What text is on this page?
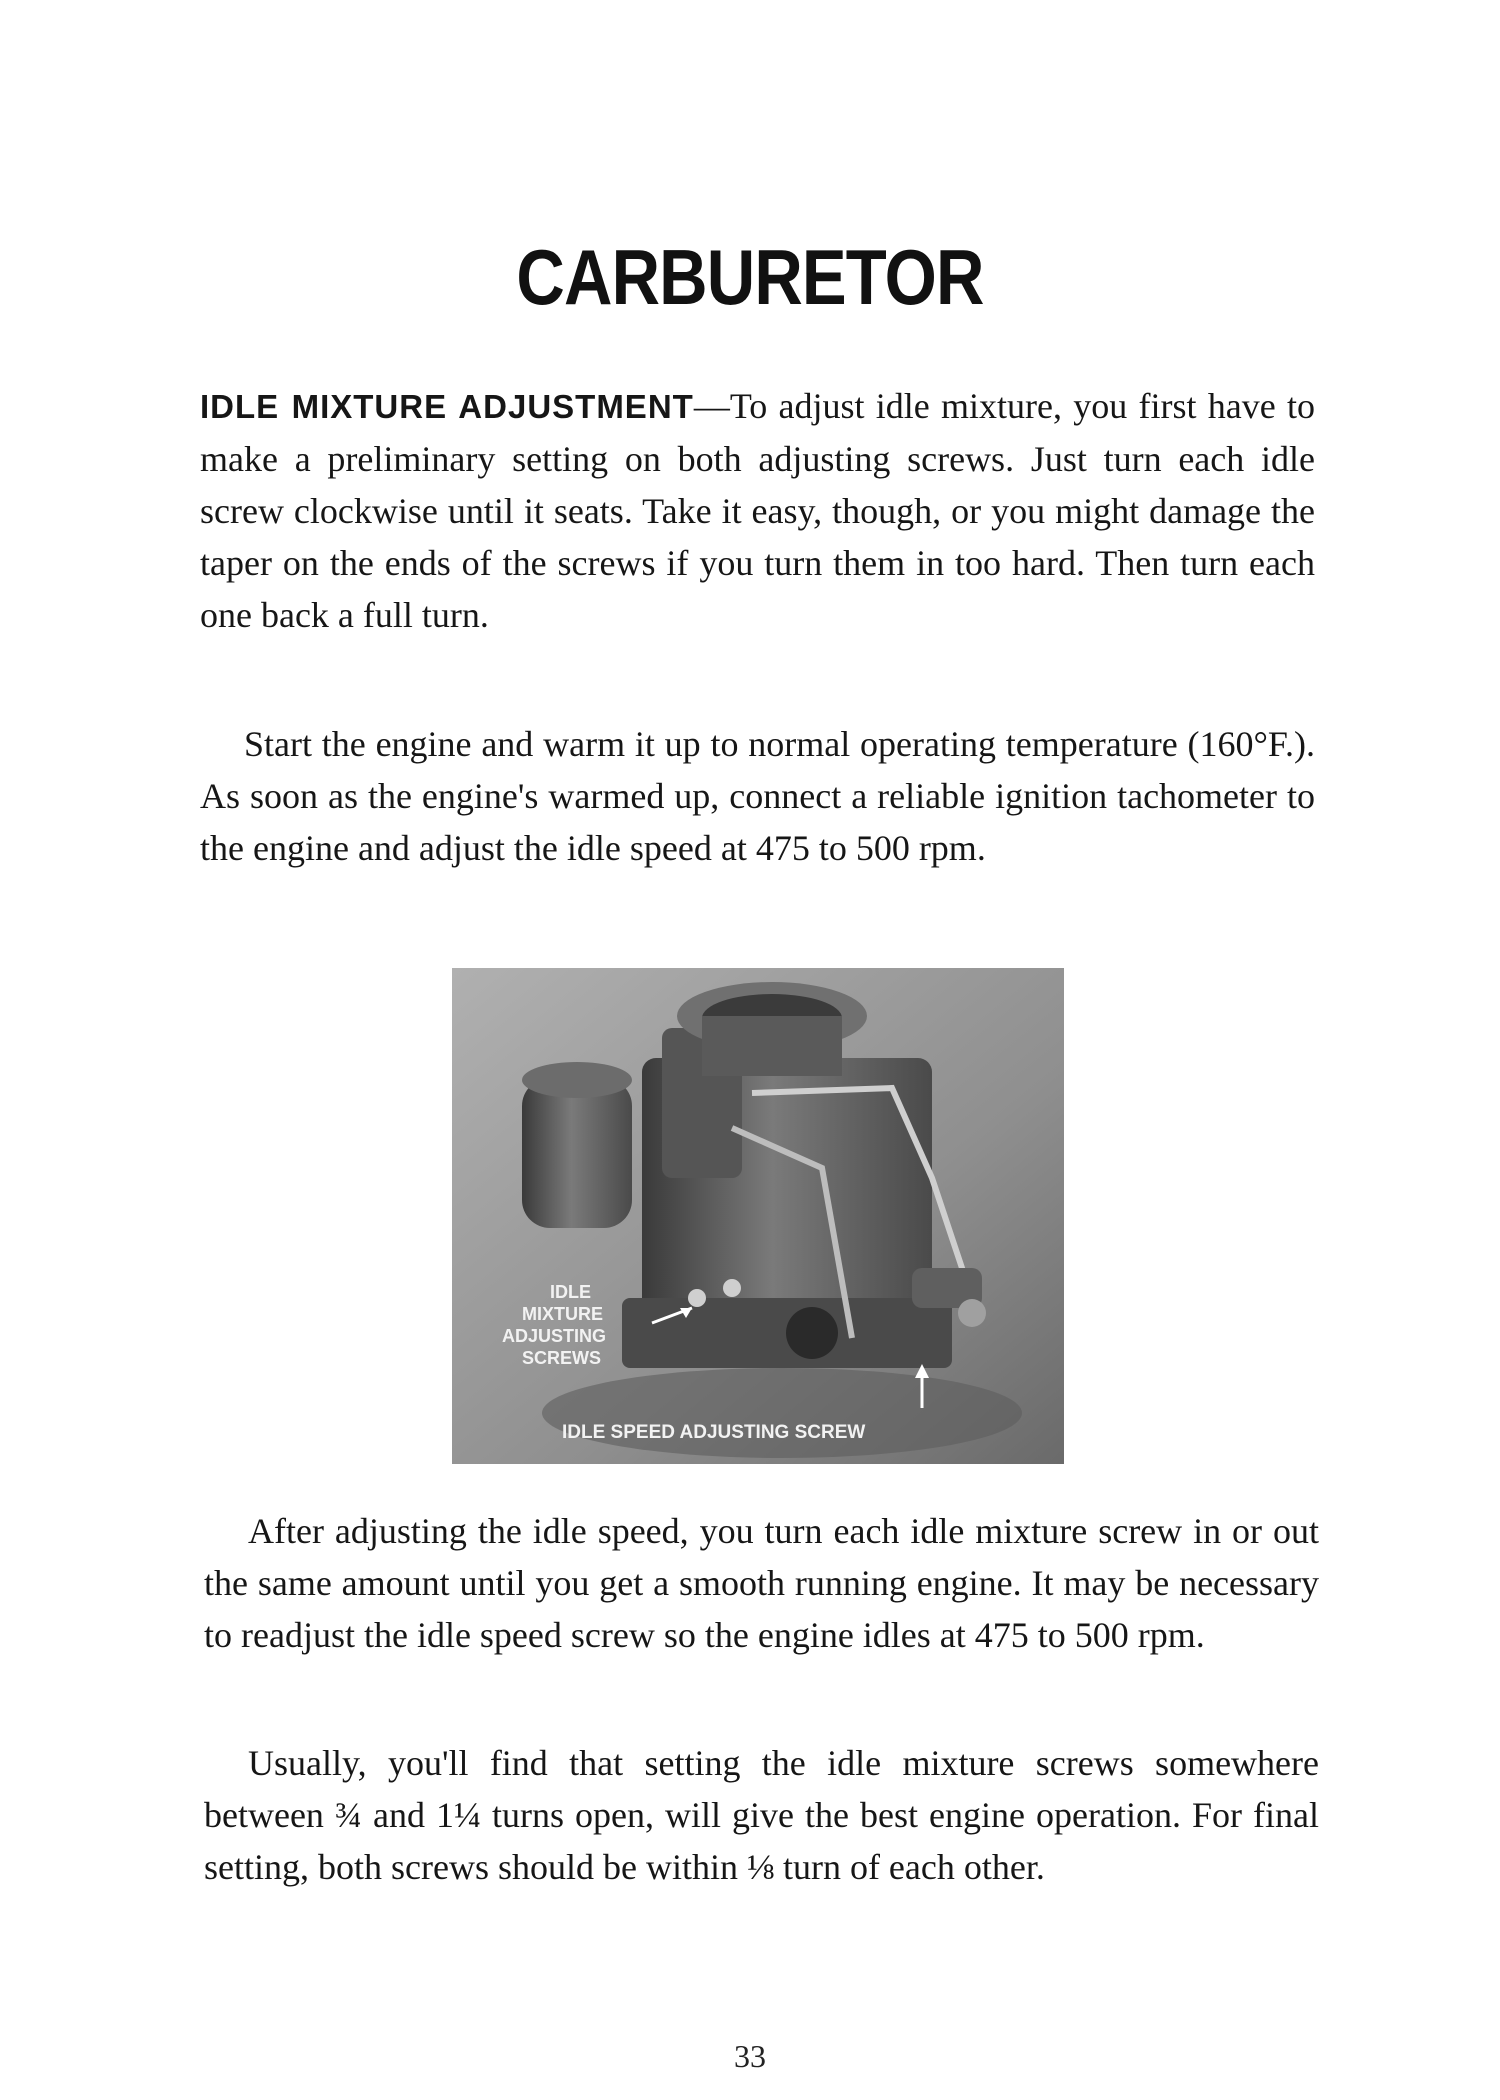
CARBURETOR

IDLE MIXTURE ADJUSTMENT—To adjust idle mixture, you first have to make a preliminary setting on both adjusting screws. Just turn each idle screw clockwise until it seats. Take it easy, though, or you might damage the taper on the ends of the screws if you turn them in too hard. Then turn each one back a full turn.

Start the engine and warm it up to normal operating temperature (160°F.). As soon as the engine's warmed up, connect a reliable ignition tachometer to the engine and adjust the idle speed at 475 to 500 rpm.

IDLE
MIXTURE
ADJUSTING
SCREWS
IDLE SPEED ADJUSTING SCREW

After adjusting the idle speed, you turn each idle mixture screw in or out the same amount until you get a smooth running engine. It may be necessary to readjust the idle speed screw so the engine idles at 475 to 500 rpm.

Usually, you'll find that setting the idle mixture screws somewhere between ¾ and 1¼ turns open, will give the best engine operation. For final setting, both screws should be within ⅛ turn of each other.

33
